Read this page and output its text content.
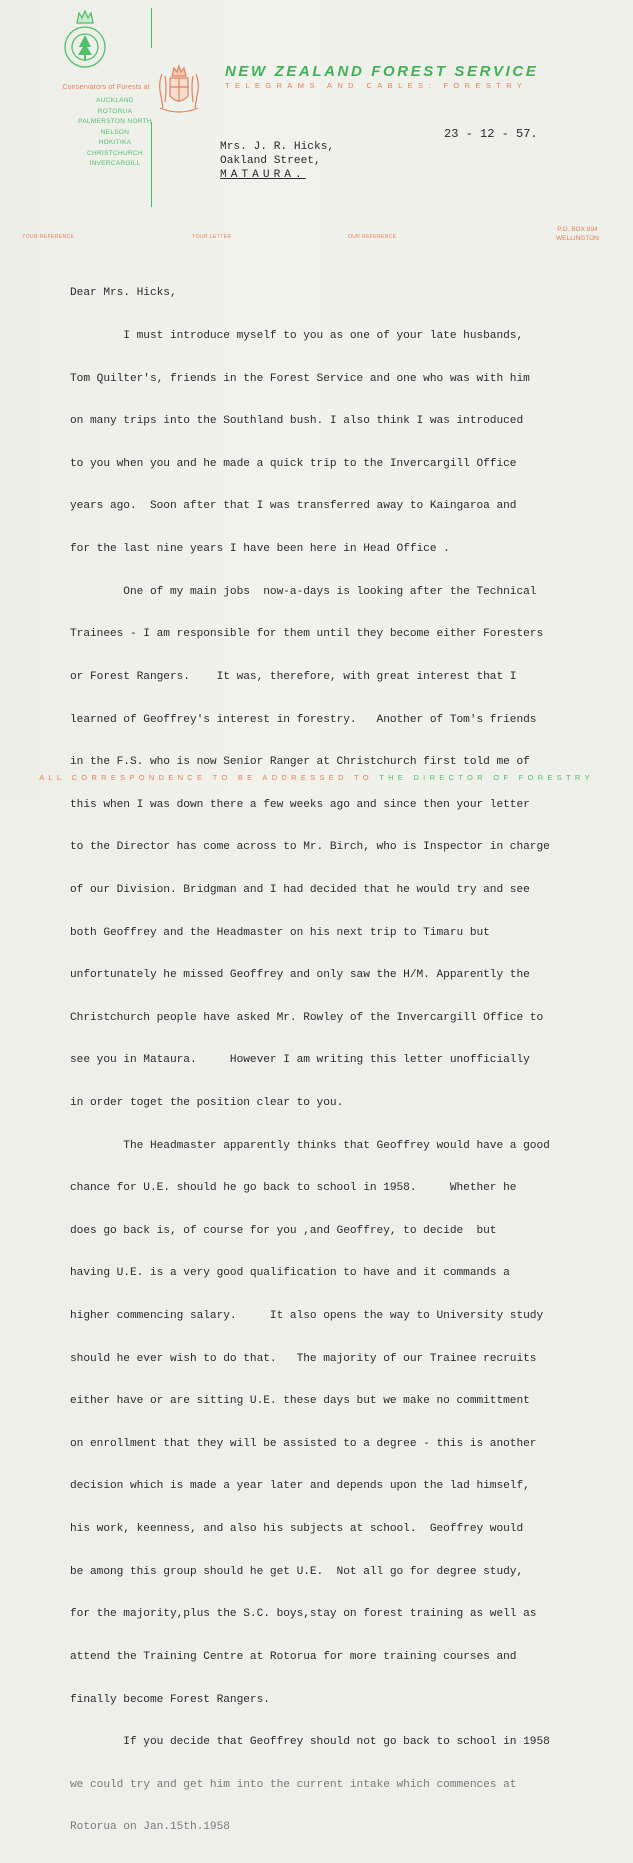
Conservators of Forests at
AUCKLAND
ROTORUA
PALMERSTON NORTH
NELSON
HOKITIKA
CHRISTCHURCH
INVERCARGILL
NEW ZEALAND FOREST SERVICE
TELEGRAMS AND CABLES: FORESTRY
23 - 12 - 57.
Mrs. J. R. Hicks,
Oakland Street,
MATAURA.
YOUR REFERENCE	YOUR LETTER	OUR REFERENCE
P.O. BOX 894
WELLINGTON

Dear Mrs. Hicks,

I must introduce myself to you as one of your late husbands,

Tom Quilter's, friends in the Forest Service and one who was with him

on many trips into the Southland bush. I also think I was introduced

to you when you and he made a quick trip to the Invercargill Office

years ago.  Soon after that I was transferred away to Kaingaroa and

for the last nine years I have been here in Head Office .

One of my main jobs  now-a-days is looking after the Technical

Trainees - I am responsible for them until they become either Foresters

or Forest Rangers.    It was, therefore, with great interest that I

learned of Geoffrey's interest in forestry.   Another of Tom's friends

in the F.S. who is now Senior Ranger at Christchurch first told me of

this when I was down there a few weeks ago and since then your letter

to the Director has come across to Mr. Birch, who is Inspector in charge

of our Division. Bridgman and I had decided that he would try and see

both Geoffrey and the Headmaster on his next trip to Timaru but

unfortunately he missed Geoffrey and only saw the H/M. Apparently the

Christchurch people have asked Mr. Rowley of the Invercargill Office to

see you in Mataura.     However I am writing this letter unofficially

in order toget the position clear to you.

The Headmaster apparently thinks that Geoffrey would have a good

chance for U.E. should he go back to school in 1958.     Whether he

does go back is, of course for you ,and Geoffrey, to decide  but

having U.E. is a very good qualification to have and it commands a

higher commencing salary.     It also opens the way to University study

should he ever wish to do that.   The majority of our Trainee recruits

either have or are sitting U.E. these days but we make no committment

on enrollment that they will be assisted to a degree - this is another

decision which is made a year later and depends upon the lad himself,

his work, keenness, and also his subjects at school.  Geoffrey would

be among this group should he get U.E.  Not all go for degree study,

for the majority,plus the S.C. boys,stay on forest training as well as

attend the Training Centre at Rotorua for more training courses and

finally become Forest Rangers.

If you decide that Geoffrey should not go back to school in 1958

we could try and get him into the current intake which commences at

Rotorua on Jan.15th.1958

ALL CORRESPONDENCE TO BE ADDRESSED TO THE DIRECTOR OF FORESTRY
